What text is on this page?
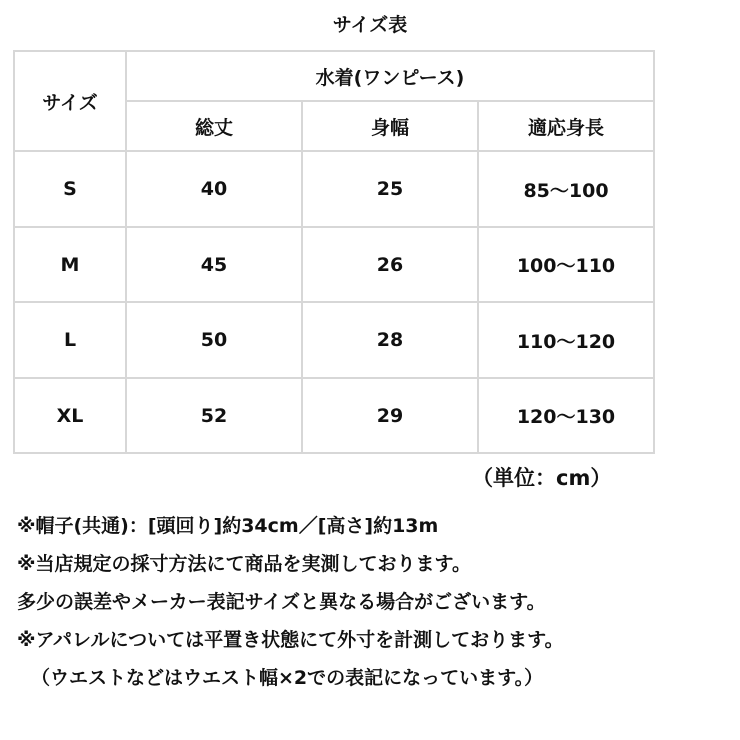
サイズ表
サイズ	水着(ワンピース)		
	総丈	身幅	適応身長
S	40	25	85～100
M	45	26	100～110
L	50	28	110～120
XL	52	29	120～130
（単位：cm）
※帽子(共通)：[頭回り]約34cm／[高さ]約13m
※当店規定の採寸方法にて商品を実測しております。
多少の誤差やメーカー表記サイズと異なる場合がございます。
※アパレルについては平置き状態にて外寸を計測しております。
（ウエストなどはウエスト幅×2での表記になっています。）
